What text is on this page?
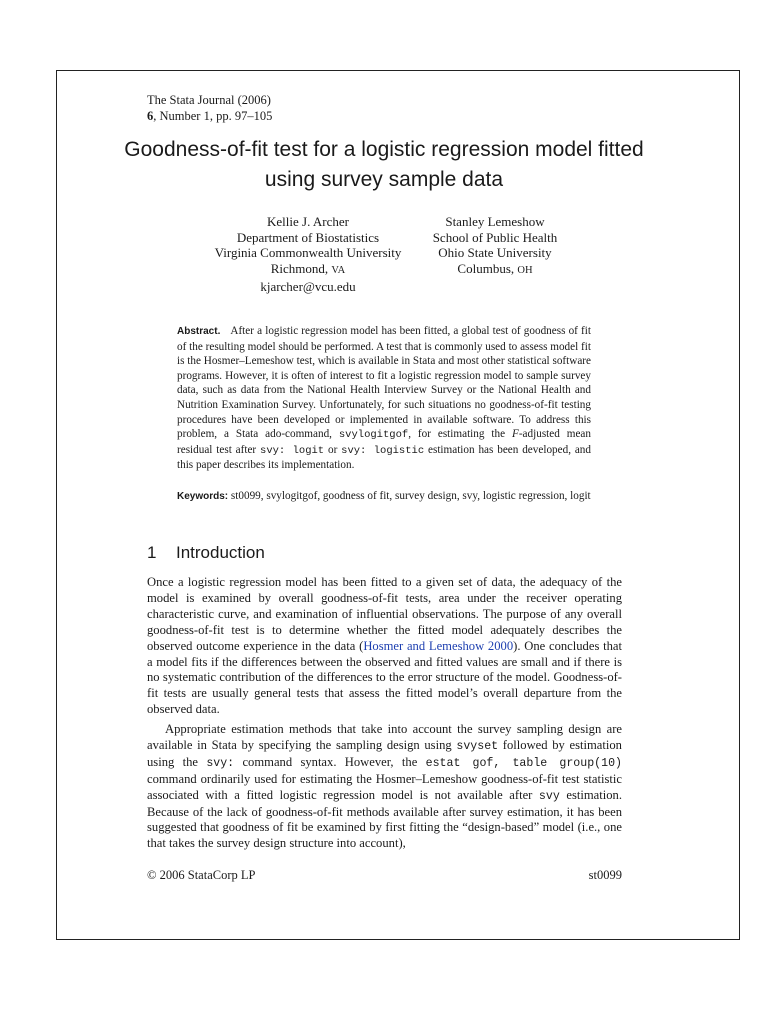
The Stata Journal (2006)
6, Number 1, pp. 97–105
Goodness-of-fit test for a logistic regression model fitted using survey sample data
Kellie J. Archer
Department of Biostatistics
Virginia Commonwealth University
Richmond, VA
kjarcher@vcu.edu
Stanley Lemeshow
School of Public Health
Ohio State University
Columbus, OH
Abstract. After a logistic regression model has been fitted, a global test of goodness of fit of the resulting model should be performed. A test that is commonly used to assess model fit is the Hosmer–Lemeshow test, which is available in Stata and most other statistical software programs. However, it is often of interest to fit a logistic regression model to sample survey data, such as data from the National Health Interview Survey or the National Health and Nutrition Examination Survey. Unfortunately, for such situations no goodness-of-fit testing procedures have been developed or implemented in available software. To address this problem, a Stata ado-command, svylogitgof, for estimating the F-adjusted mean residual test after svy: logit or svy: logistic estimation has been developed, and this paper describes its implementation.
Keywords: st0099, svylogitgof, goodness of fit, survey design, svy, logistic regression, logit
1 Introduction

Once a logistic regression model has been fitted to a given set of data, the adequacy of the model is examined by overall goodness-of-fit tests, area under the receiver operating characteristic curve, and examination of influential observations. The purpose of any overall goodness-of-fit test is to determine whether the fitted model adequately describes the observed outcome experience in the data (Hosmer and Lemeshow 2000). One concludes that a model fits if the differences between the observed and fitted values are small and if there is no systematic contribution of the differences to the error structure of the model. Goodness-of-fit tests are usually general tests that assess the fitted model’s overall departure from the observed data.

Appropriate estimation methods that take into account the survey sampling design are available in Stata by specifying the sampling design using svyset followed by estimation using the svy: command syntax. However, the estat gof, table group(10) command ordinarily used for estimating the Hosmer–Lemeshow goodness-of-fit test statistic associated with a fitted logistic regression model is not available after svy estimation. Because of the lack of goodness-of-fit methods available after survey estimation, it has been suggested that goodness of fit be examined by first fitting the “design-based” model (i.e., one that takes the survey design structure into account),

© 2006 StataCorp LP	st0099
